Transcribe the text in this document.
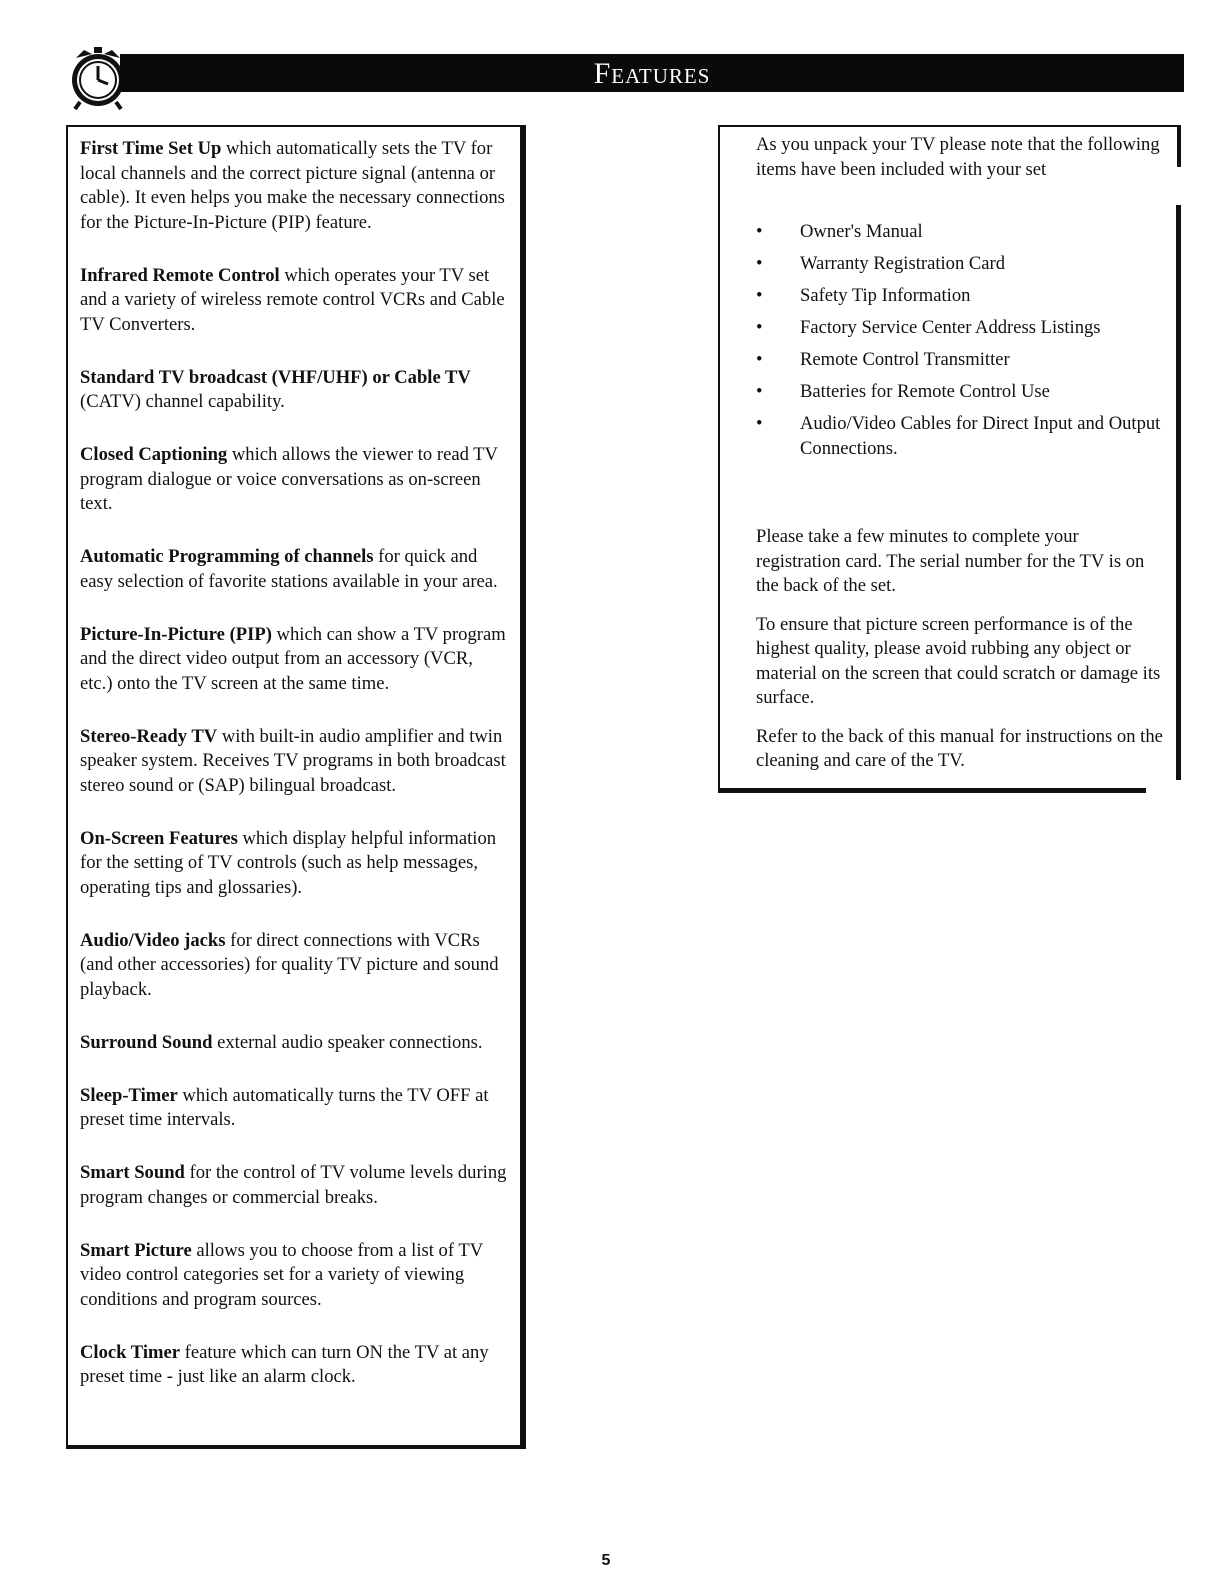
Features

First Time Set Up which automatically sets the TV for local channels and the correct picture signal (antenna or cable). It even helps you make the necessary connections for the Picture-In-Picture (PIP) feature.

Infrared Remote Control which operates your TV set and a variety of wireless remote control VCRs and Cable TV Converters.

Standard TV broadcast (VHF/UHF) or Cable TV (CATV) channel capability.

Closed Captioning which allows the viewer to read TV program dialogue or voice conversations as on-screen text.

Automatic Programming of channels for quick and easy selection of favorite stations available in your area.

Picture-In-Picture (PIP) which can show a TV program and the direct video output from an accessory (VCR, etc.) onto the TV screen at the same time.

Stereo-Ready TV with built-in audio amplifier and twin speaker system. Receives TV programs in both broadcast stereo sound or (SAP) bilingual broadcast.

On-Screen Features which display helpful information for the setting of TV controls (such as help messages, operating tips and glossaries).

Audio/Video jacks for direct connections with VCRs (and other accessories) for quality TV picture and sound playback.

Surround Sound external audio speaker connections.

Sleep-Timer which automatically turns the TV OFF at preset time intervals.

Smart Sound for the control of TV volume levels during program changes or commercial breaks.

Smart Picture allows you to choose from a list of TV video control categories set for a variety of viewing conditions and program sources.

Clock Timer feature which can turn ON the TV at any preset time - just like an alarm clock.

As you unpack your TV please note that the following items have been included with your set

• Owner's Manual
• Warranty Registration Card
• Safety Tip Information
• Factory Service Center Address Listings
• Remote Control Transmitter
• Batteries for Remote Control Use
• Audio/Video Cables for Direct Input and Output Connections.

Please take a few minutes to complete your registration card. The serial number for the TV is on the back of the set.

To ensure that picture screen performance is of the highest quality, please avoid rubbing any object or material on the screen that could scratch or damage its surface.

Refer to the back of this manual for instructions on the cleaning and care of the TV.

5
